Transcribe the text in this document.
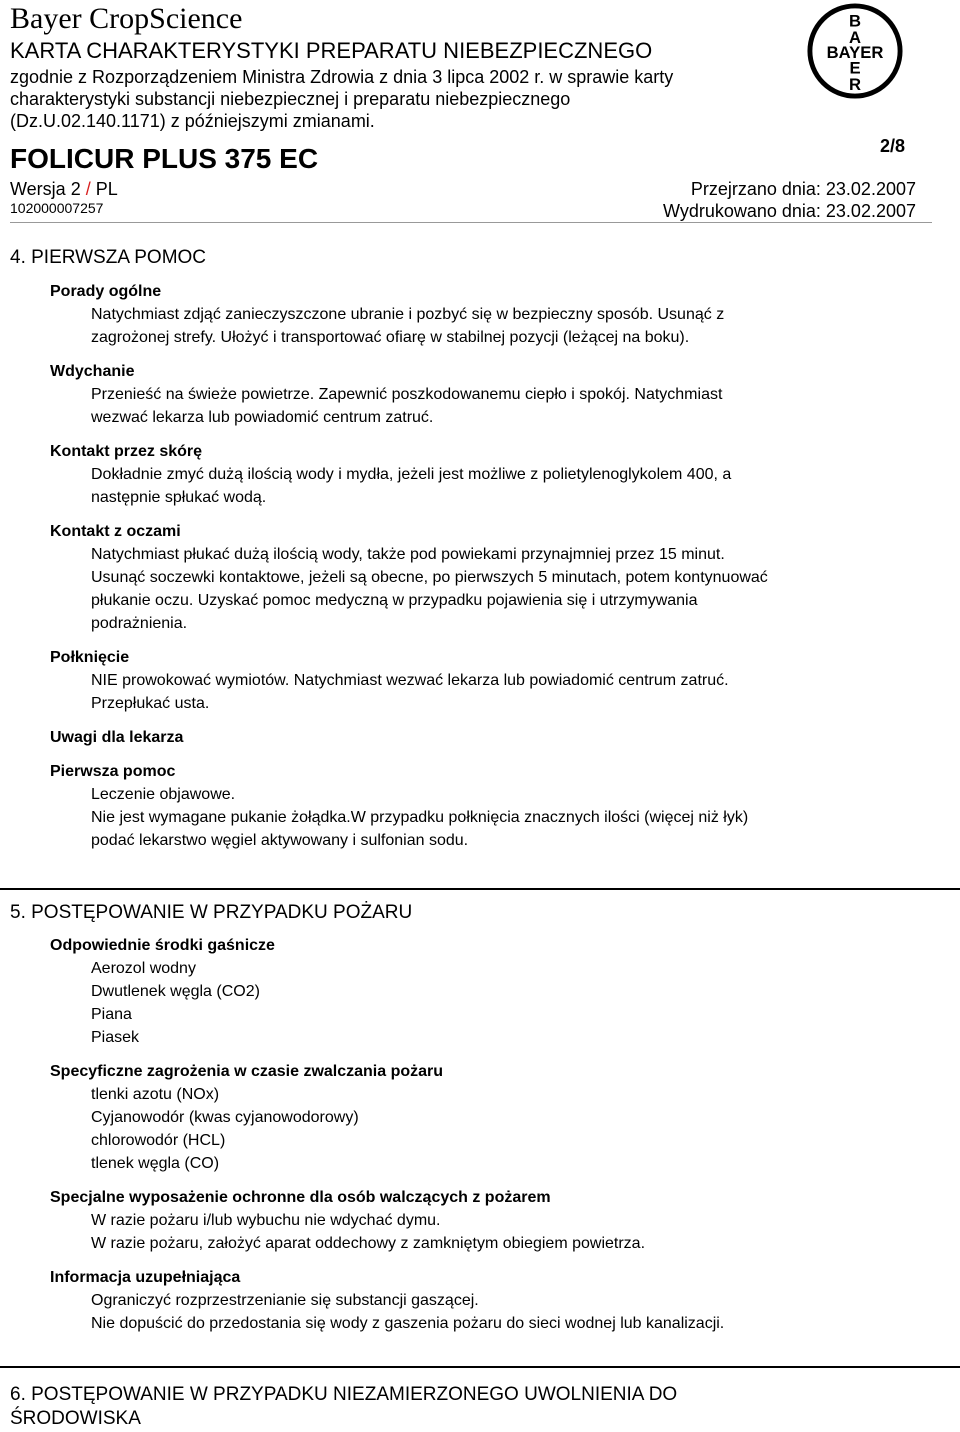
Bayer CropScience
KARTA CHARAKTERYSTYKI PREPARATU NIEBEZPIECZNEGO
zgodnie z Rozporządzeniem Ministra Zdrowia z dnia 3 lipca 2002 r. w sprawie karty
charakterystyki substancji niebezpiecznej i preparatu niebezpiecznego
(Dz.U.02.140.1171) z późniejszymi zmianami.
FOLICUR PLUS 375 EC	2/8
Wersja 2 / PL
102000007257
Przejrzano dnia: 23.02.2007
Wydrukowano dnia: 23.02.2007
B
A
BAYER
E
R
4. PIERWSZA POMOC
Porady ogólne
Natychmiast zdjąć zanieczyszczone ubranie i pozbyć się w bezpieczny sposób. Usunąć z
zagrożonej strefy. Ułożyć i transportować ofiarę w stabilnej pozycji (leżącej na boku).
Wdychanie
Przenieść na świeże powietrze. Zapewnić poszkodowanemu ciepło i spokój. Natychmiast
wezwać lekarza lub powiadomić centrum zatruć.
Kontakt przez skórę
Dokładnie zmyć dużą ilością wody i mydła, jeżeli jest możliwe z polietylenoglykolem 400, a
następnie spłukać wodą.
Kontakt z oczami
Natychmiast płukać dużą ilością wody, także pod powiekami przynajmniej przez 15 minut.
Usunąć soczewki kontaktowe, jeżeli są obecne, po pierwszych 5 minutach, potem kontynuować
płukanie oczu. Uzyskać pomoc medyczną w przypadku pojawienia się i utrzymywania
podrażnienia.
Połknięcie
NIE prowokować wymiotów. Natychmiast wezwać lekarza lub powiadomić centrum zatruć.
Przepłukać usta.
Uwagi dla lekarza
Pierwsza pomoc
Leczenie objawowe.
Nie jest wymagane pukanie żołądka.W przypadku połknięcia znacznych ilości (więcej niż łyk)
podać lekarstwo węgiel aktywowany i sulfonian sodu.
5. POSTĘPOWANIE W PRZYPADKU POŻARU
Odpowiednie środki gaśnicze
Aerozol wodny
Dwutlenek węgla (CO2)
Piana
Piasek
Specyficzne zagrożenia w czasie zwalczania pożaru
tlenki azotu (NOx)
Cyjanowodór (kwas cyjanowodorowy)
chlorowodór (HCL)
tlenek węgla (CO)
Specjalne wyposażenie ochronne dla osób walczących z pożarem
W razie pożaru i/lub wybuchu nie wdychać dymu.
W razie pożaru, założyć aparat oddechowy z zamkniętym obiegiem powietrza.
Informacja uzupełniająca
Ograniczyć rozprzestrzenianie się substancji gaszącej.
Nie dopuścić do przedostania się wody z gaszenia pożaru do sieci wodnej lub kanalizacji.
6. POSTĘPOWANIE W PRZYPADKU NIEZAMIERZONEGO UWOLNIENIA DO
ŚRODOWISKA
